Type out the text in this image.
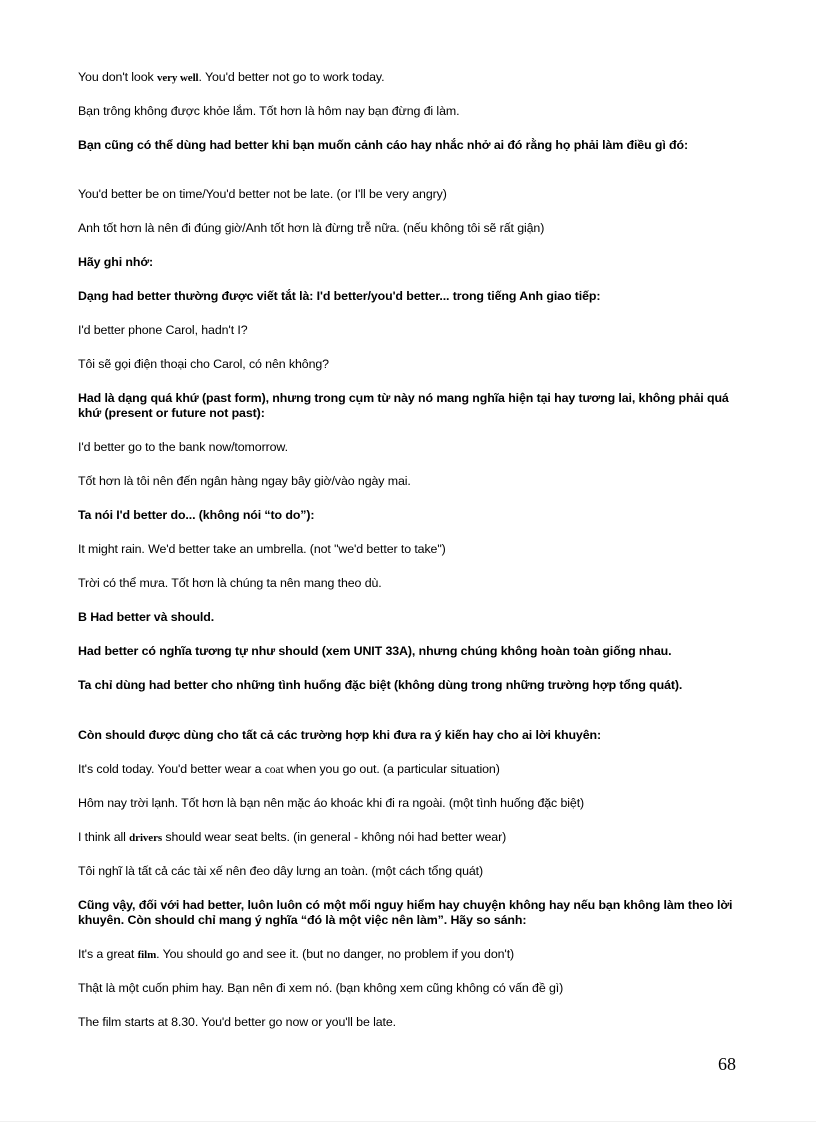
You don't look very well. You'd better not go to work today.
Bạn trông không được khỏe lắm. Tốt hơn là hôm nay bạn đừng đi làm.
Bạn cũng có thể dùng had better khi bạn muốn cảnh cáo hay nhắc nhở ai đó rằng họ phải làm điều gì đó:
You'd better be on time/You'd better not be late. (or I'll be very angry)
Anh tốt hơn là nên đi đúng giờ/Anh tốt hơn là đừng trễ nữa. (nếu không tôi sẽ rất giận)
Hãy ghi nhớ:
Dạng had better thường được viết tắt là: I'd better/you'd better... trong tiếng Anh giao tiếp:
I'd better phone Carol, hadn't I?
Tôi sẽ gọi điện thoại cho Carol, có nên không?
Had là dạng quá khứ (past form), nhưng trong cụm từ này nó mang nghĩa hiện tại hay tương lai, không phải quá khứ (present or future not past):
I'd better go to the bank now/tomorrow.
Tốt hơn là tôi nên đến ngân hàng ngay bây giờ/vào ngày mai.
Ta nói I'd better do... (không nói “to do”):
It might rain. We'd better take an umbrella. (not "we'd better to take")
Trời có thể mưa. Tốt hơn là chúng ta nên mang theo dù.
B Had better và should.
Had better có nghĩa tương tự như should (xem UNIT 33A), nhưng chúng không hoàn toàn giống nhau.
Ta chỉ dùng had better cho những tình huống đặc biệt (không dùng trong những trường hợp tổng quát).
Còn should được dùng cho tất cả các trường hợp khi đưa ra ý kiến hay cho ai lời khuyên:
It's cold today. You'd better wear a coat when you go out. (a particular situation)
Hôm nay trời lạnh. Tốt hơn là bạn nên mặc áo khoác khi đi ra ngoài. (một tình huống đặc biệt)
I think all drivers should wear seat belts. (in general - không nói had better wear)
Tôi nghĩ là tất cả các tài xế nên đeo dây lưng an toàn. (một cách tổng quát)
Cũng vậy, đối với had better, luôn luôn có một mối nguy hiểm hay chuyện không hay nếu bạn không làm theo lời khuyên. Còn should chỉ mang ý nghĩa “đó là một việc nên làm”. Hãy so sánh:
It's a great film. You should go and see it. (but no danger, no problem if you don't)
Thật là một cuốn phim hay. Bạn nên đi xem nó. (bạn không xem cũng không có vấn đề gì)
The film starts at 8.30. You'd better go now or you'll be late.
68
